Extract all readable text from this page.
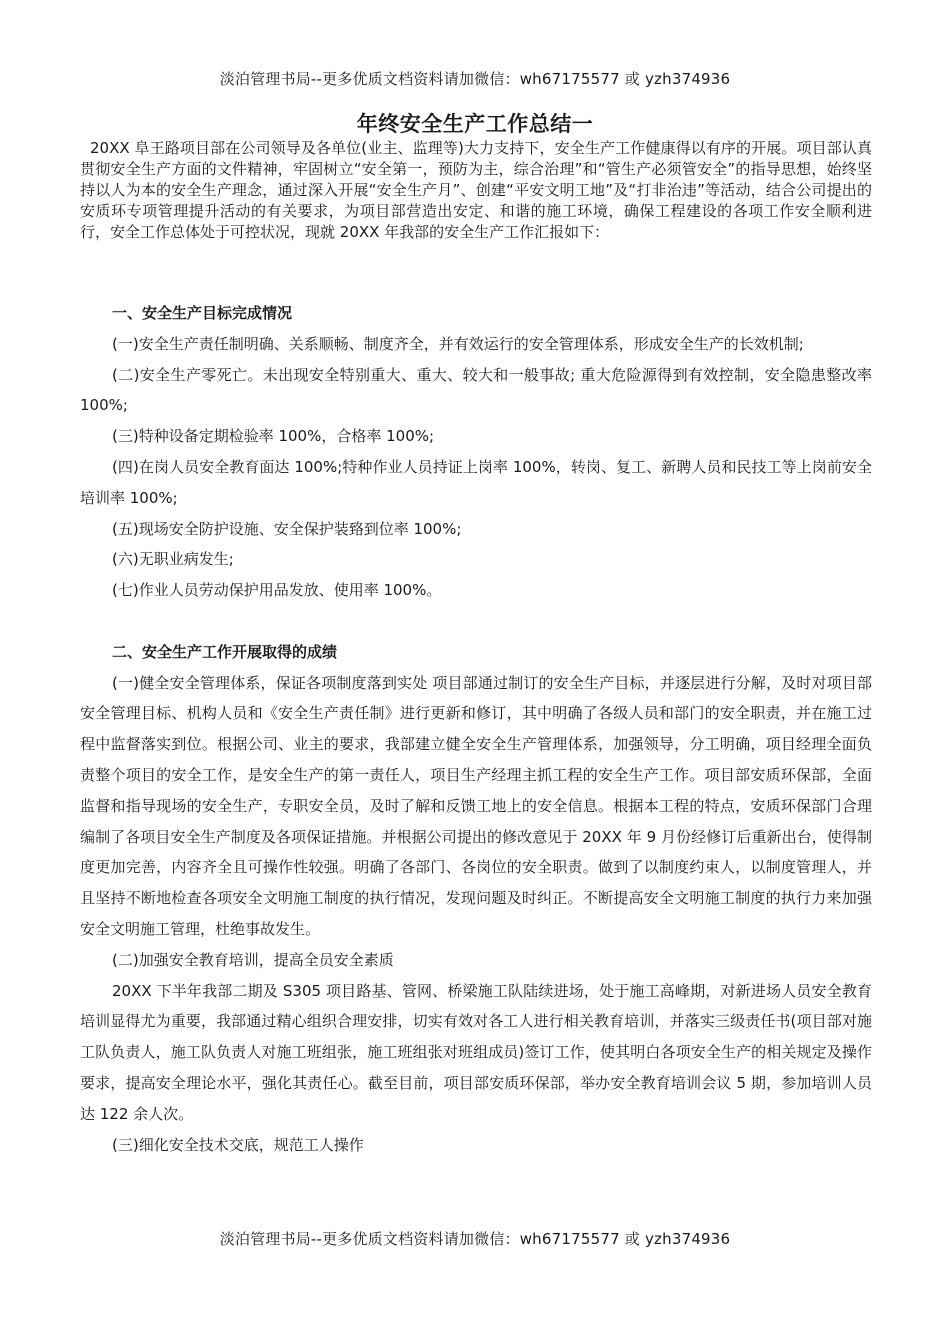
淡泊管理书局--更多优质文档资料请加微信：wh67175577 或 yzh374936
年终安全生产工作总结一

20XX 阜王路项目部在公司领导及各单位(业主、监理等)大力支持下，安全生产工作健康得以有序的开展。项目部认真贯彻安全生产方面的文件精神，牢固树立“安全第一，预防为主，综合治理”和“管生产必须管安全”的指导思想，始终坚持以人为本的安全生产理念，通过深入开展“安全生产月”、创建“平安文明工地”及“打非治违”等活动，结合公司提出的安质环专项管理提升活动的有关要求，为项目部营造出安定、和谐的施工环境，确保工程建设的各项工作安全顺利进行，安全工作总体处于可控状况，现就 20XX 年我部的安全生产工作汇报如下：

一、安全生产目标完成情况

(一)安全生产责任制明确、关系顺畅、制度齐全，并有效运行的安全管理体系，形成安全生产的长效机制;

(二)安全生产零死亡。未出现安全特别重大、重大、较大和一般事故; 重大危险源得到有效控制，安全隐患整改率 100%;

(三)特种设备定期检验率 100%，合格率 100%;

(四)在岗人员安全教育面达 100%;特种作业人员持证上岗率 100%，转岗、复工、新聘人员和民技工等上岗前安全培训率 100%;

(五)现场安全防护设施、安全保护装臵到位率 100%;

(六)无职业病发生;

(七)作业人员劳动保护用品发放、使用率 100%。

二、安全生产工作开展取得的成绩

(一)健全安全管理体系，保证各项制度落到实处 项目部通过制订的安全生产目标，并逐层进行分解，及时对项目部安全管理目标、机构人员和《安全生产责任制》进行更新和修订，其中明确了各级人员和部门的安全职责，并在施工过程中监督落实到位。根据公司、业主的要求，我部建立健全安全生产管理体系，加强领导，分工明确，项目经理全面负责整个项目的安全工作，是安全生产的第一责任人，项目生产经理主抓工程的安全生产工作。项目部安质环保部，全面监督和指导现场的安全生产，专职安全员，及时了解和反馈工地上的安全信息。根据本工程的特点，安质环保部门合理编制了各项目安全生产制度及各项保证措施。并根据公司提出的修改意见于 20XX 年 9 月份经修订后重新出台，使得制度更加完善，内容齐全且可操作性较强。明确了各部门、各岗位的安全职责。做到了以制度约束人，以制度管理人，并且坚持不断地检查各项安全文明施工制度的执行情况，发现问题及时纠正。不断提高安全文明施工制度的执行力来加强安全文明施工管理，杜绝事故发生。

(二)加强安全教育培训，提高全员安全素质

20XX 下半年我部二期及 S305 项目路基、管网、桥梁施工队陆续进场，处于施工高峰期，对新进场人员安全教育培训显得尤为重要，我部通过精心组织合理安排，切实有效对各工人进行相关教育培训，并落实三级责任书(项目部对施工队负责人，施工队负责人对施工班组张，施工班组张对班组成员)签订工作，使其明白各项安全生产的相关规定及操作要求，提高安全理论水平，强化其责任心。截至目前，项目部安质环保部，举办安全教育培训会议 5 期，参加培训人员达 122 余人次。

(三)细化安全技术交底，规范工人操作

淡泊管理书局--更多优质文档资料请加微信：wh67175577 或 yzh374936
